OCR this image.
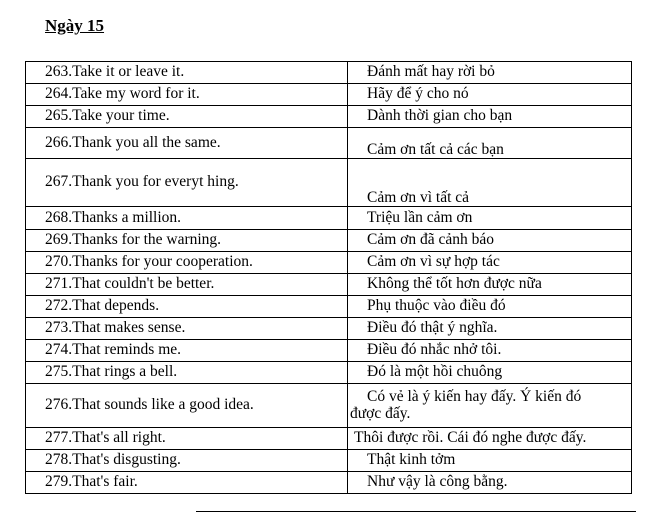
Ngày 15
263.Take it or leave it.	Đánh mất hay rời bỏ
264.Take my word for it.	Hãy để ý cho nó
265.Take your time.	Dành thời gian cho bạn
266.Thank you all the same.	Cảm ơn tất cả các bạn
267.Thank you for everyt hing.	Cảm ơn vì tất cả
268.Thanks a million.	Triệu lần cảm ơn
269.Thanks for the warning.	Cảm ơn đã cảnh báo
270.Thanks for your cooperation.	Cảm ơn vì sự hợp tác
271.That couldn't be better.	Không thể tốt hơn được nữa
272.That depends.	Phụ thuộc vào điều đó
273.That makes sense.	Điều đó thật ý nghĩa.
274.That reminds me.	Điều đó nhắc nhở tôi.
275.That rings a bell.	Đó là một hồi chuông
276.That sounds like a good idea.	Có vẻ là ý kiến hay đấy. Ý kiến đó
được đấy.
277.That's all right.	Thôi được rồi. Cái đó nghe được đấy.
278.That's disgusting.	Thật kinh tởm
279.That's fair.	Như vậy là công bằng.
